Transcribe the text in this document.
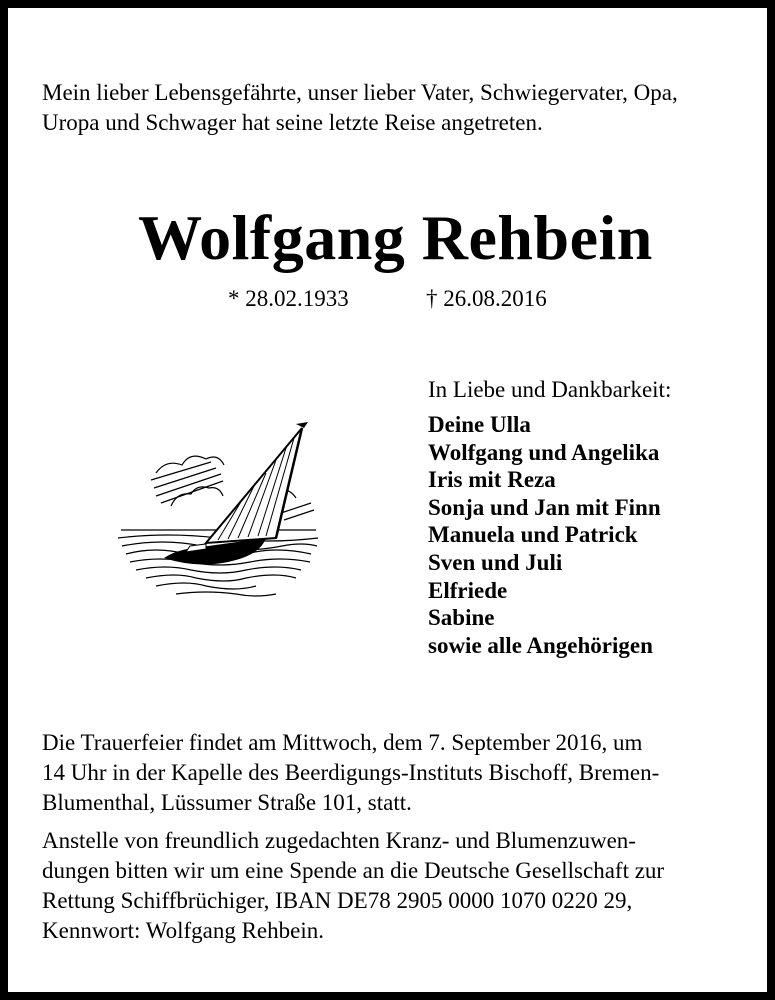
Mein lieber Lebensgefährte, unser lieber Vater, Schwiegervater, Opa,
Uropa und Schwager hat seine letzte Reise angetreten.
Wolfgang Rehbein
* 28.02.1933	† 26.08.2016
In Liebe und Dankbarkeit:
Deine Ulla
Wolfgang und Angelika
Iris mit Reza
Sonja und Jan mit Finn
Manuela und Patrick
Sven und Juli
Elfriede
Sabine
sowie alle Angehörigen
Die Trauerfeier findet am Mittwoch, dem 7. September 2016, um
14 Uhr in der Kapelle des Beerdigungs-Instituts Bischoff, Bremen-
Blumenthal, Lüssumer Straße 101, statt.
Anstelle von freundlich zugedachten Kranz- und Blumenzuwen-
dungen bitten wir um eine Spende an die Deutsche Gesellschaft zur
Rettung Schiffbrüchiger, IBAN DE78 2905 0000 1070 0220 29,
Kennwort: Wolfgang Rehbein.
